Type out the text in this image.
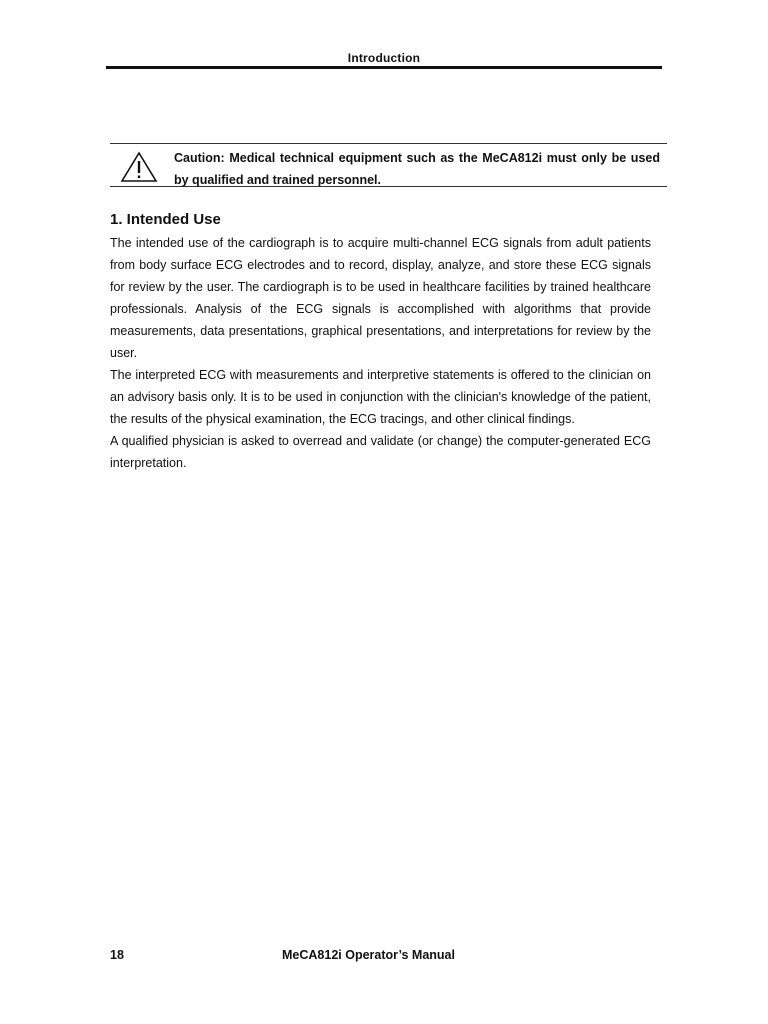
Introduction
Caution: Medical technical equipment such as the MeCA812i must only be used by qualified and trained personnel.
1. Intended Use

The intended use of the cardiograph is to acquire multi-channel ECG signals from adult patients from body surface ECG electrodes and to record, display, analyze, and store these ECG signals for review by the user. The cardiograph is to be used in healthcare facilities by trained healthcare professionals. Analysis of the ECG signals is accomplished with algorithms that provide measurements, data presentations, graphical presentations, and interpretations for review by the user.

The interpreted ECG with measurements and interpretive statements is offered to the clinician on an advisory basis only. It is to be used in conjunction with the clinician's knowledge of the patient, the results of the physical examination, the ECG tracings, and other clinical findings.

A qualified physician is asked to overread and validate (or change) the computer-generated ECG interpretation.

18	MeCA812i Operator’s Manual
